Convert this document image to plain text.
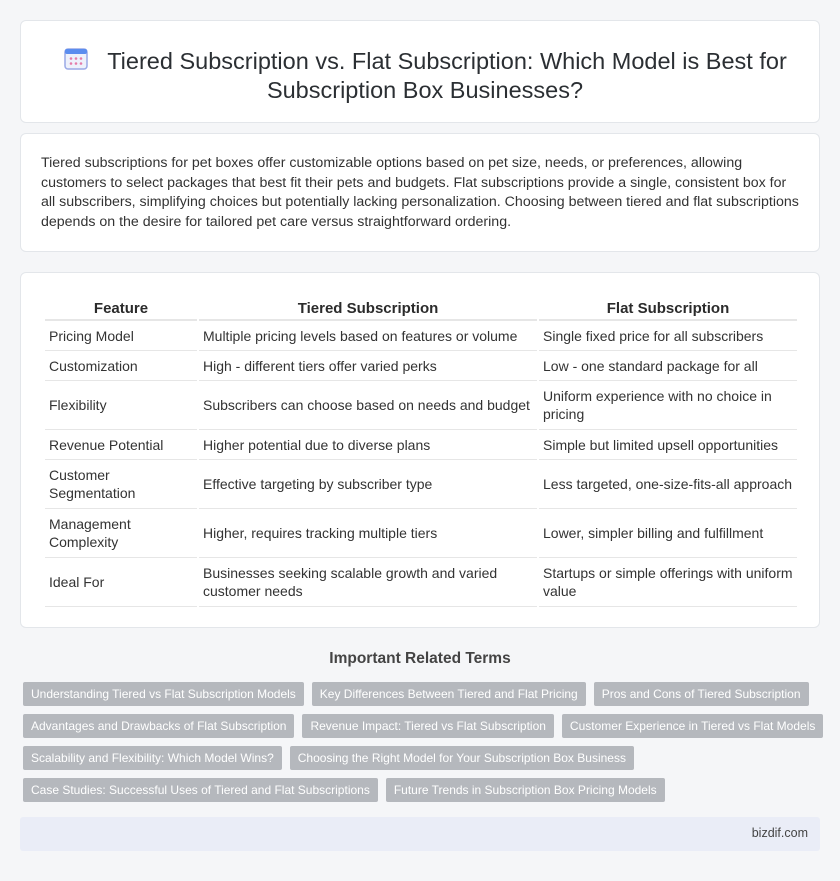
Tiered Subscription vs. Flat Subscription: Which Model is Best for Subscription Box Businesses?

Tiered subscriptions for pet boxes offer customizable options based on pet size, needs, or preferences, allowing customers to select packages that best fit their pets and budgets. Flat subscriptions provide a single, consistent box for all subscribers, simplifying choices but potentially lacking personalization. Choosing between tiered and flat subscriptions depends on the desire for tailored pet care versus straightforward ordering.

Feature	Tiered Subscription	Flat Subscription
Pricing Model	Multiple pricing levels based on features or volume	Single fixed price for all subscribers
Customization	High - different tiers offer varied perks	Low - one standard package for all
Flexibility	Subscribers can choose based on needs and budget	Uniform experience with no choice in pricing
Revenue Potential	Higher potential due to diverse plans	Simple but limited upsell opportunities
Customer Segmentation	Effective targeting by subscriber type	Less targeted, one-size-fits-all approach
Management Complexity	Higher, requires tracking multiple tiers	Lower, simpler billing and fulfillment
Ideal For	Businesses seeking scalable growth and varied customer needs	Startups or simple offerings with uniform value
Important Related Terms
Understanding Tiered vs Flat Subscription Models	Key Differences Between Tiered and Flat Pricing	Pros and Cons of Tiered Subscription
Advantages and Drawbacks of Flat Subscription	Revenue Impact: Tiered vs Flat Subscription	Customer Experience in Tiered vs Flat Models
Scalability and Flexibility: Which Model Wins?	Choosing the Right Model for Your Subscription Box Business
Case Studies: Successful Uses of Tiered and Flat Subscriptions	Future Trends in Subscription Box Pricing Models
bizdif.com
